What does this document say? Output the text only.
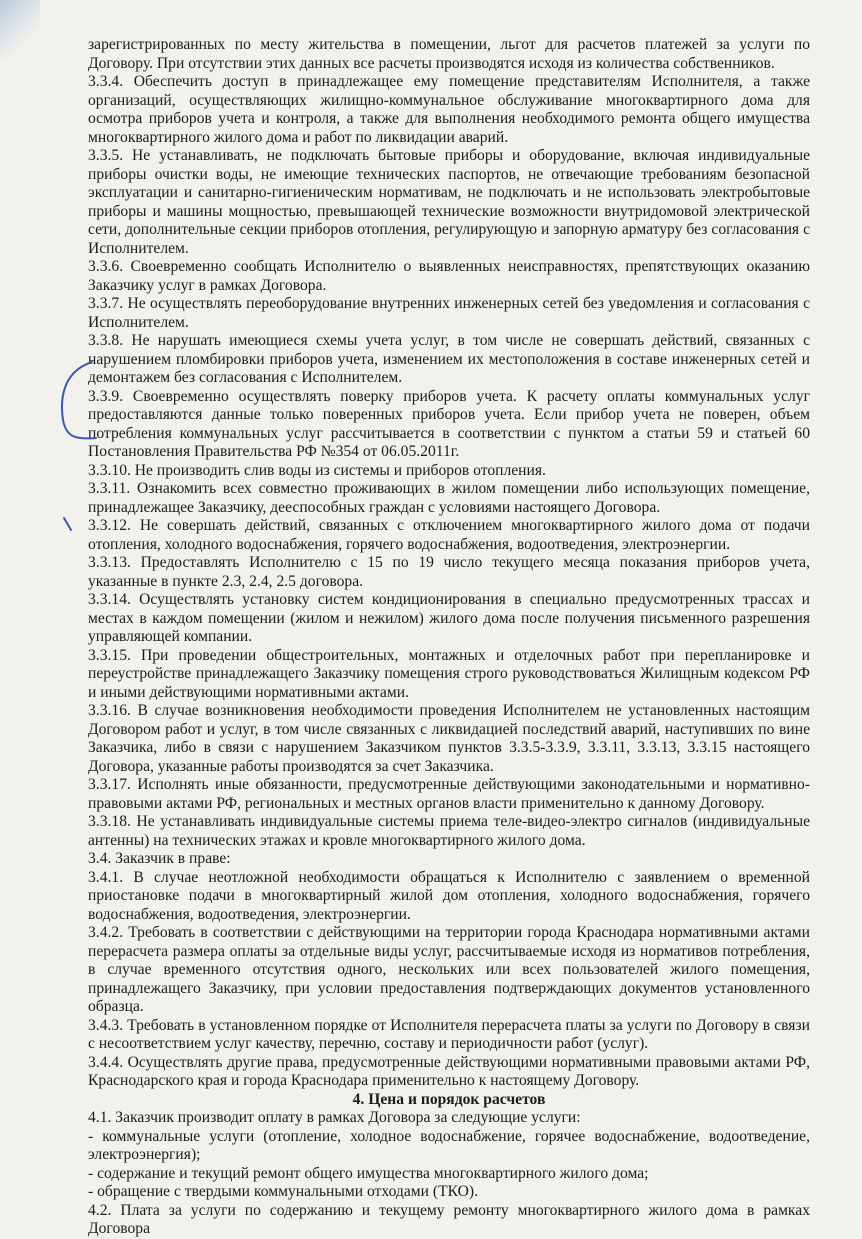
зарегистрированных по месту жительства в помещении, льгот для расчетов платежей за услуги по Договору. При отсутствии этих данных все расчеты производятся исходя из количества собственников.

3.3.4. Обеспечить доступ в принадлежащее ему помещение представителям Исполнителя, а также организаций, осуществляющих жилищно-коммунальное обслуживание многоквартирного дома для осмотра приборов учета и контроля, а также для выполнения необходимого ремонта общего имущества многоквартирного жилого дома и работ по ликвидации аварий.

3.3.5. Не устанавливать, не подключать бытовые приборы и оборудование, включая индивидуальные приборы очистки воды, не имеющие технических паспортов, не отвечающие требованиям безопасной эксплуатации и санитарно-гигиеническим нормативам, не подключать и не использовать электробытовые приборы и машины мощностью, превышающей технические возможности внутридомовой электрической сети, дополнительные секции приборов отопления, регулирующую и запорную арматуру без согласования с Исполнителем.

3.3.6. Своевременно сообщать Исполнителю о выявленных неисправностях, препятствующих оказанию Заказчику услуг в рамках Договора.

3.3.7. Не осуществлять переоборудование внутренних инженерных сетей без уведомления и согласования с Исполнителем.

3.3.8. Не нарушать имеющиеся схемы учета услуг, в том числе не совершать действий, связанных с нарушением пломбировки приборов учета, изменением их местоположения в составе инженерных сетей и демонтажем без согласования с Исполнителем.

3.3.9. Своевременно осуществлять поверку приборов учета. К расчету оплаты коммунальных услуг предоставляются данные только поверенных приборов учета. Если прибор учета не поверен, объем потребления коммунальных услуг рассчитывается в соответствии с пунктом а статьи 59 и статьей 60 Постановления Правительства РФ №354 от 06.05.2011г.

3.3.10. Не производить слив воды из системы и приборов отопления.

3.3.11. Ознакомить всех совместно проживающих в жилом помещении либо использующих помещение, принадлежащее Заказчику, дееспособных граждан с условиями настоящего Договора.

3.3.12. Не совершать действий, связанных с отключением многоквартирного жилого дома от подачи отопления, холодного водоснабжения, горячего водоснабжения, водоотведения, электроэнергии.

3.3.13. Предоставлять Исполнителю с 15 по 19 число текущего месяца показания приборов учета, указанные в пункте 2.3, 2.4, 2.5 договора.

3.3.14. Осуществлять установку систем кондиционирования в специально предусмотренных трассах и местах в каждом помещении (жилом и нежилом) жилого дома после получения письменного разрешения управляющей компании.

3.3.15. При проведении общестроительных, монтажных и отделочных работ при перепланировке и переустройстве принадлежащего Заказчику помещения строго руководствоваться Жилищным кодексом РФ и иными действующими нормативными актами.

3.3.16. В случае возникновения необходимости проведения Исполнителем не установленных настоящим Договором работ и услуг, в том числе связанных с ликвидацией последствий аварий, наступивших по вине Заказчика, либо в связи с нарушением Заказчиком пунктов 3.3.5-3.3.9, 3.3.11, 3.3.13, 3.3.15 настоящего Договора, указанные работы производятся за счет Заказчика.

3.3.17. Исполнять иные обязанности, предусмотренные действующими законодательными и нормативно-правовыми актами РФ, региональных и местных органов власти применительно к данному Договору.

3.3.18. Не устанавливать индивидуальные системы приема теле-видео-электро сигналов (индивидуальные антенны) на технических этажах и кровле многоквартирного жилого дома.

3.4. Заказчик в праве:

3.4.1. В случае неотложной необходимости обращаться к Исполнителю с заявлением о временной приостановке подачи в многоквартирный жилой дом отопления, холодного водоснабжения, горячего водоснабжения, водоотведения, электроэнергии.

3.4.2. Требовать в соответствии с действующими на территории города Краснодара нормативными актами перерасчета размера оплаты за отдельные виды услуг, рассчитываемые исходя из нормативов потребления, в случае временного отсутствия одного, нескольких или всех пользователей жилого помещения, принадлежащего Заказчику, при условии предоставления подтверждающих документов установленного образца.

3.4.3. Требовать в установленном порядке от Исполнителя перерасчета платы за услуги по Договору в связи с несоответствием услуг качеству, перечню, составу и периодичности работ (услуг).

3.4.4. Осуществлять другие права, предусмотренные действующими нормативными правовыми актами РФ, Краснодарского края и города Краснодара применительно к настоящему Договору.

4. Цена и порядок расчетов

4.1. Заказчик производит оплату в рамках Договора за следующие услуги:

- коммунальные услуги (отопление, холодное водоснабжение, горячее водоснабжение, водоотведение, электроэнергия);

- содержание и текущий ремонт общего имущества многоквартирного жилого дома;

- обращение с твердыми коммунальными отходами (ТКО).

4.2. Плата за услуги по содержанию и текущему ремонту многоквартирного жилого дома в рамках Договора
